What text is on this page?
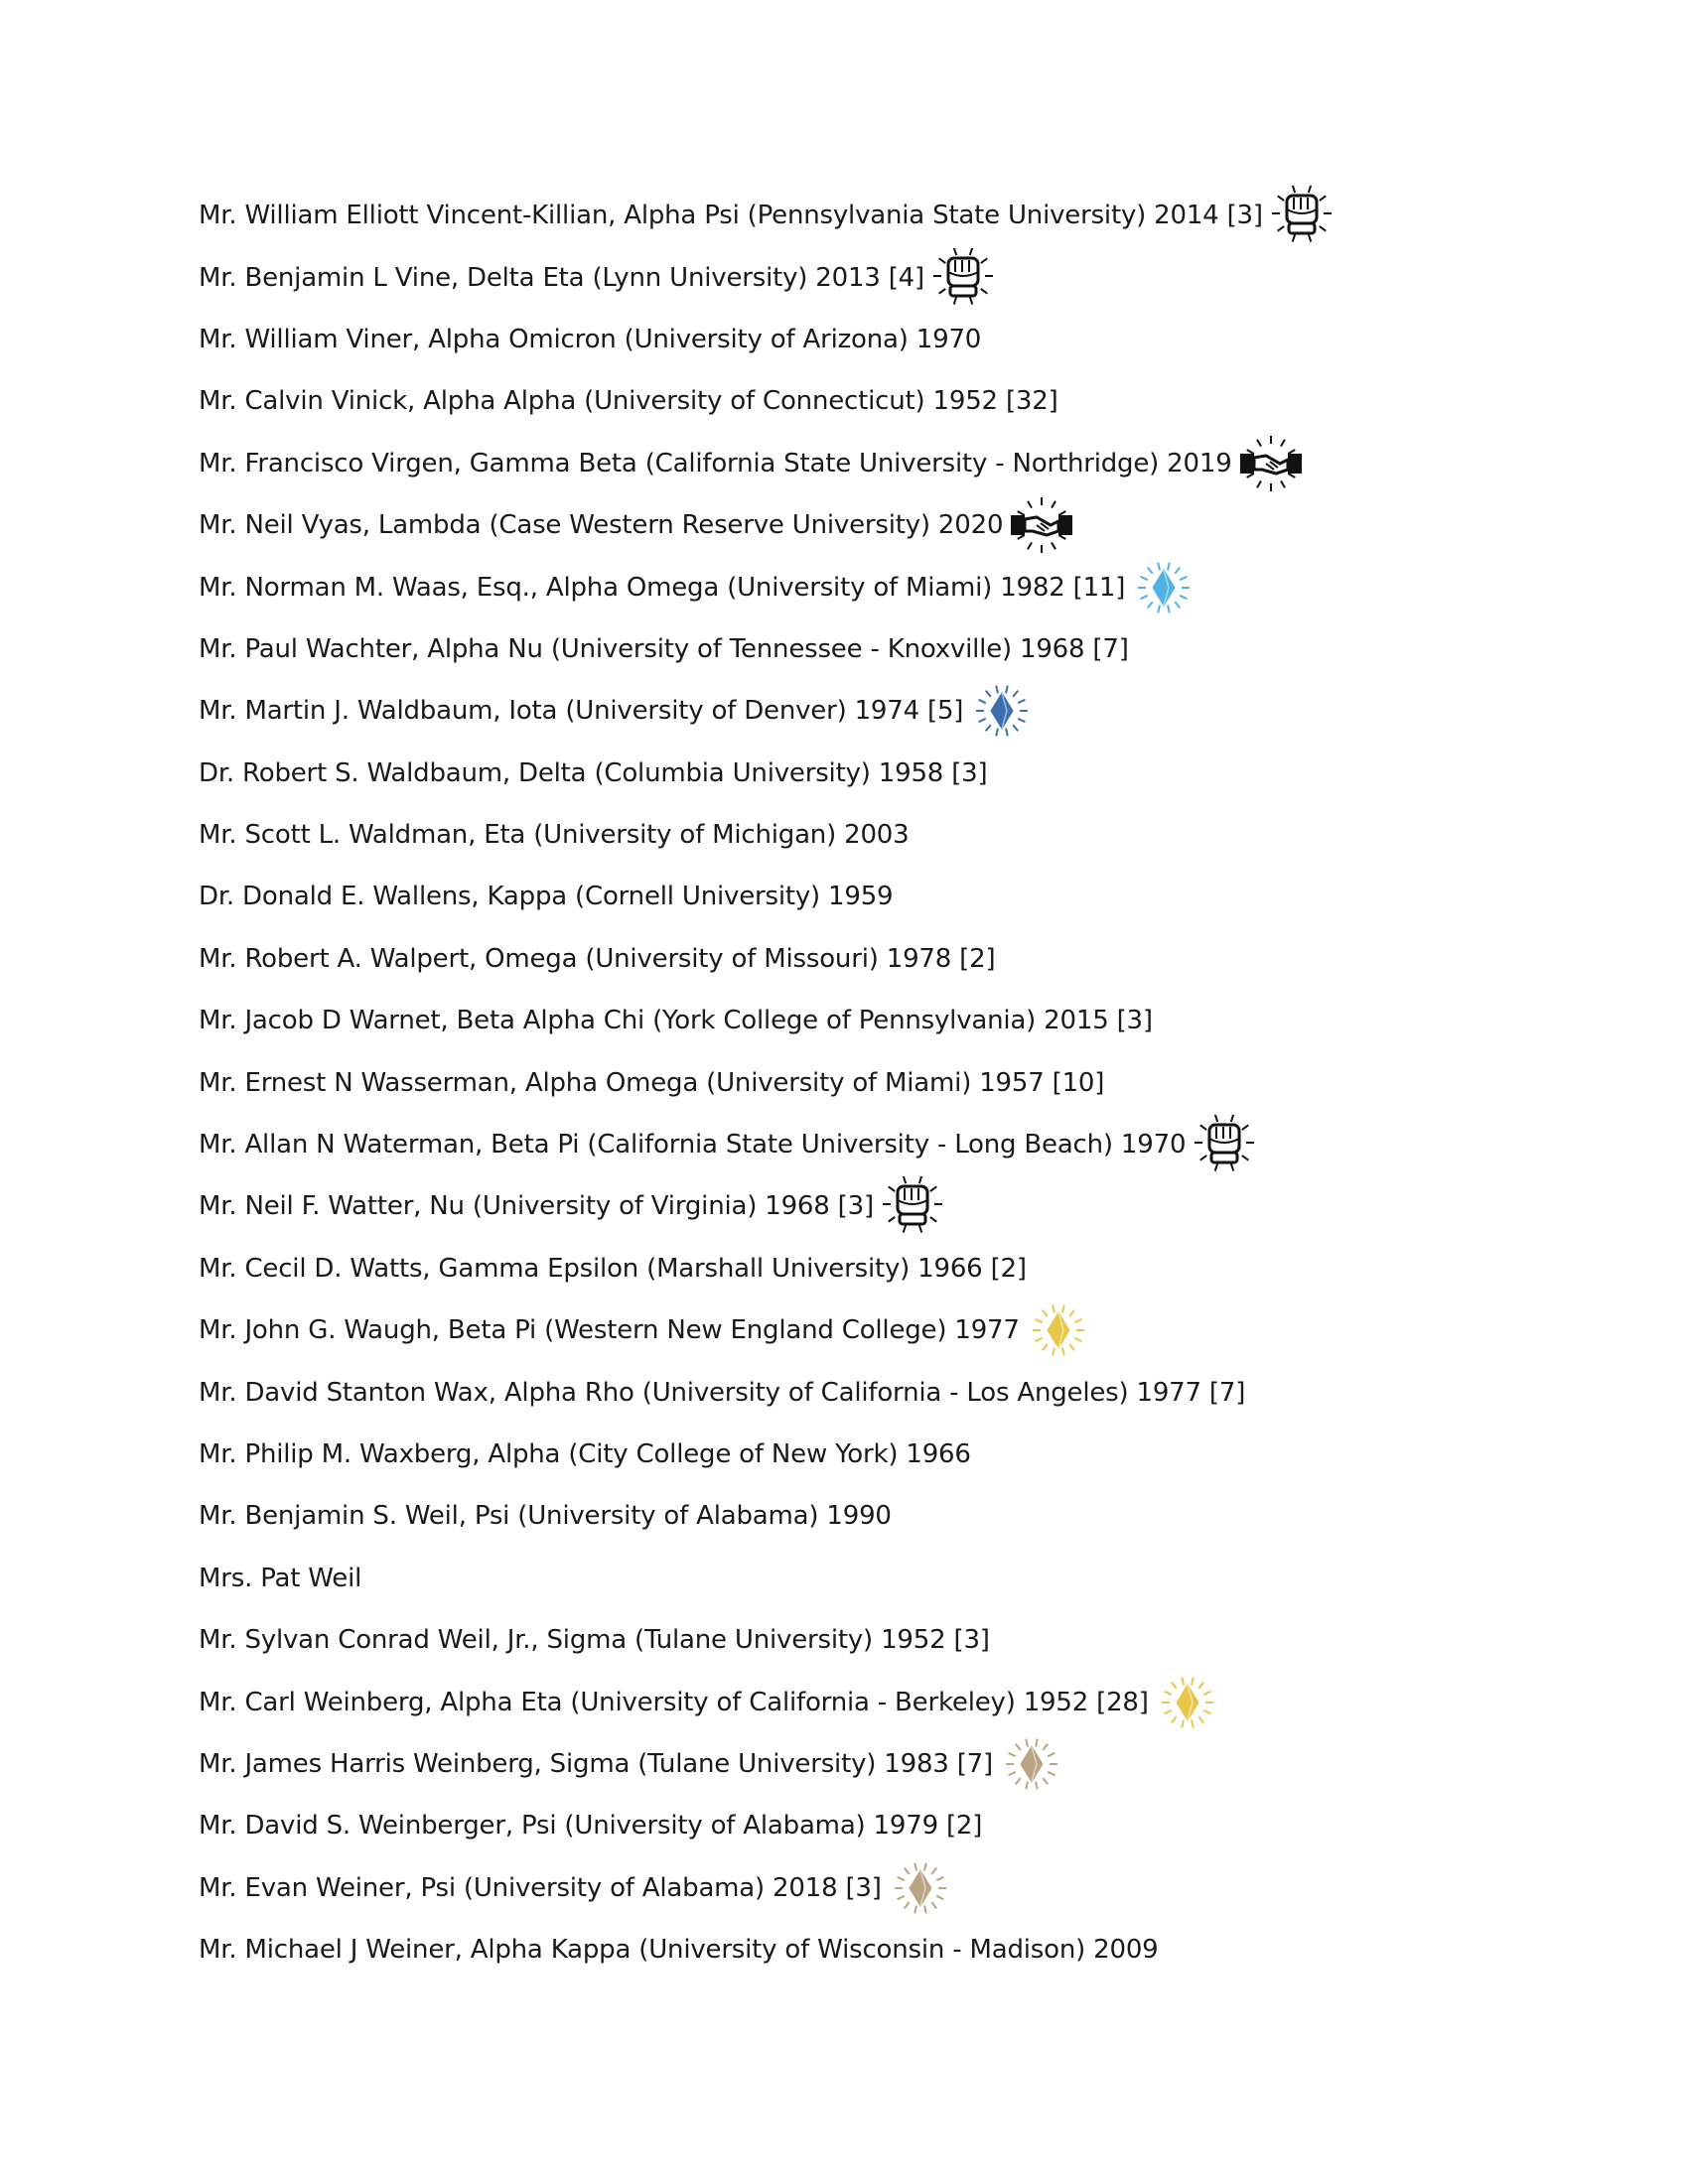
Mr. William Elliott Vincent-Killian, Alpha Psi (Pennsylvania State University) 2014 [3]
Mr. Benjamin L Vine, Delta Eta (Lynn University) 2013 [4]
Mr. William Viner, Alpha Omicron (University of Arizona) 1970
Mr. Calvin Vinick, Alpha Alpha (University of Connecticut) 1952 [32]
Mr. Francisco Virgen, Gamma Beta (California State University - Northridge) 2019
Mr. Neil Vyas, Lambda (Case Western Reserve University) 2020
Mr. Norman M. Waas, Esq., Alpha Omega (University of Miami) 1982 [11]
Mr. Paul Wachter, Alpha Nu (University of Tennessee - Knoxville) 1968 [7]
Mr. Martin J. Waldbaum, Iota (University of Denver) 1974 [5]
Dr. Robert S. Waldbaum, Delta (Columbia University) 1958 [3]
Mr. Scott L. Waldman, Eta (University of Michigan) 2003
Dr. Donald E. Wallens, Kappa (Cornell University) 1959
Mr. Robert A. Walpert, Omega (University of Missouri) 1978 [2]
Mr. Jacob D Warnet, Beta Alpha Chi (York College of Pennsylvania) 2015 [3]
Mr. Ernest N Wasserman, Alpha Omega (University of Miami) 1957 [10]
Mr. Allan N Waterman, Beta Pi (California State University - Long Beach) 1970
Mr. Neil F. Watter, Nu (University of Virginia) 1968 [3]
Mr. Cecil D. Watts, Gamma Epsilon (Marshall University) 1966 [2]
Mr. John G. Waugh, Beta Pi (Western New England College) 1977
Mr. David Stanton Wax, Alpha Rho (University of California - Los Angeles) 1977 [7]
Mr. Philip M. Waxberg, Alpha (City College of New York) 1966
Mr. Benjamin S. Weil, Psi (University of Alabama) 1990
Mrs. Pat Weil
Mr. Sylvan Conrad Weil, Jr., Sigma (Tulane University) 1952 [3]
Mr. Carl Weinberg, Alpha Eta (University of California - Berkeley) 1952 [28]
Mr. James Harris Weinberg, Sigma (Tulane University) 1983 [7]
Mr. David S. Weinberger, Psi (University of Alabama) 1979 [2]
Mr. Evan Weiner, Psi (University of Alabama) 2018 [3]
Mr. Michael J Weiner, Alpha Kappa (University of Wisconsin - Madison) 2009
